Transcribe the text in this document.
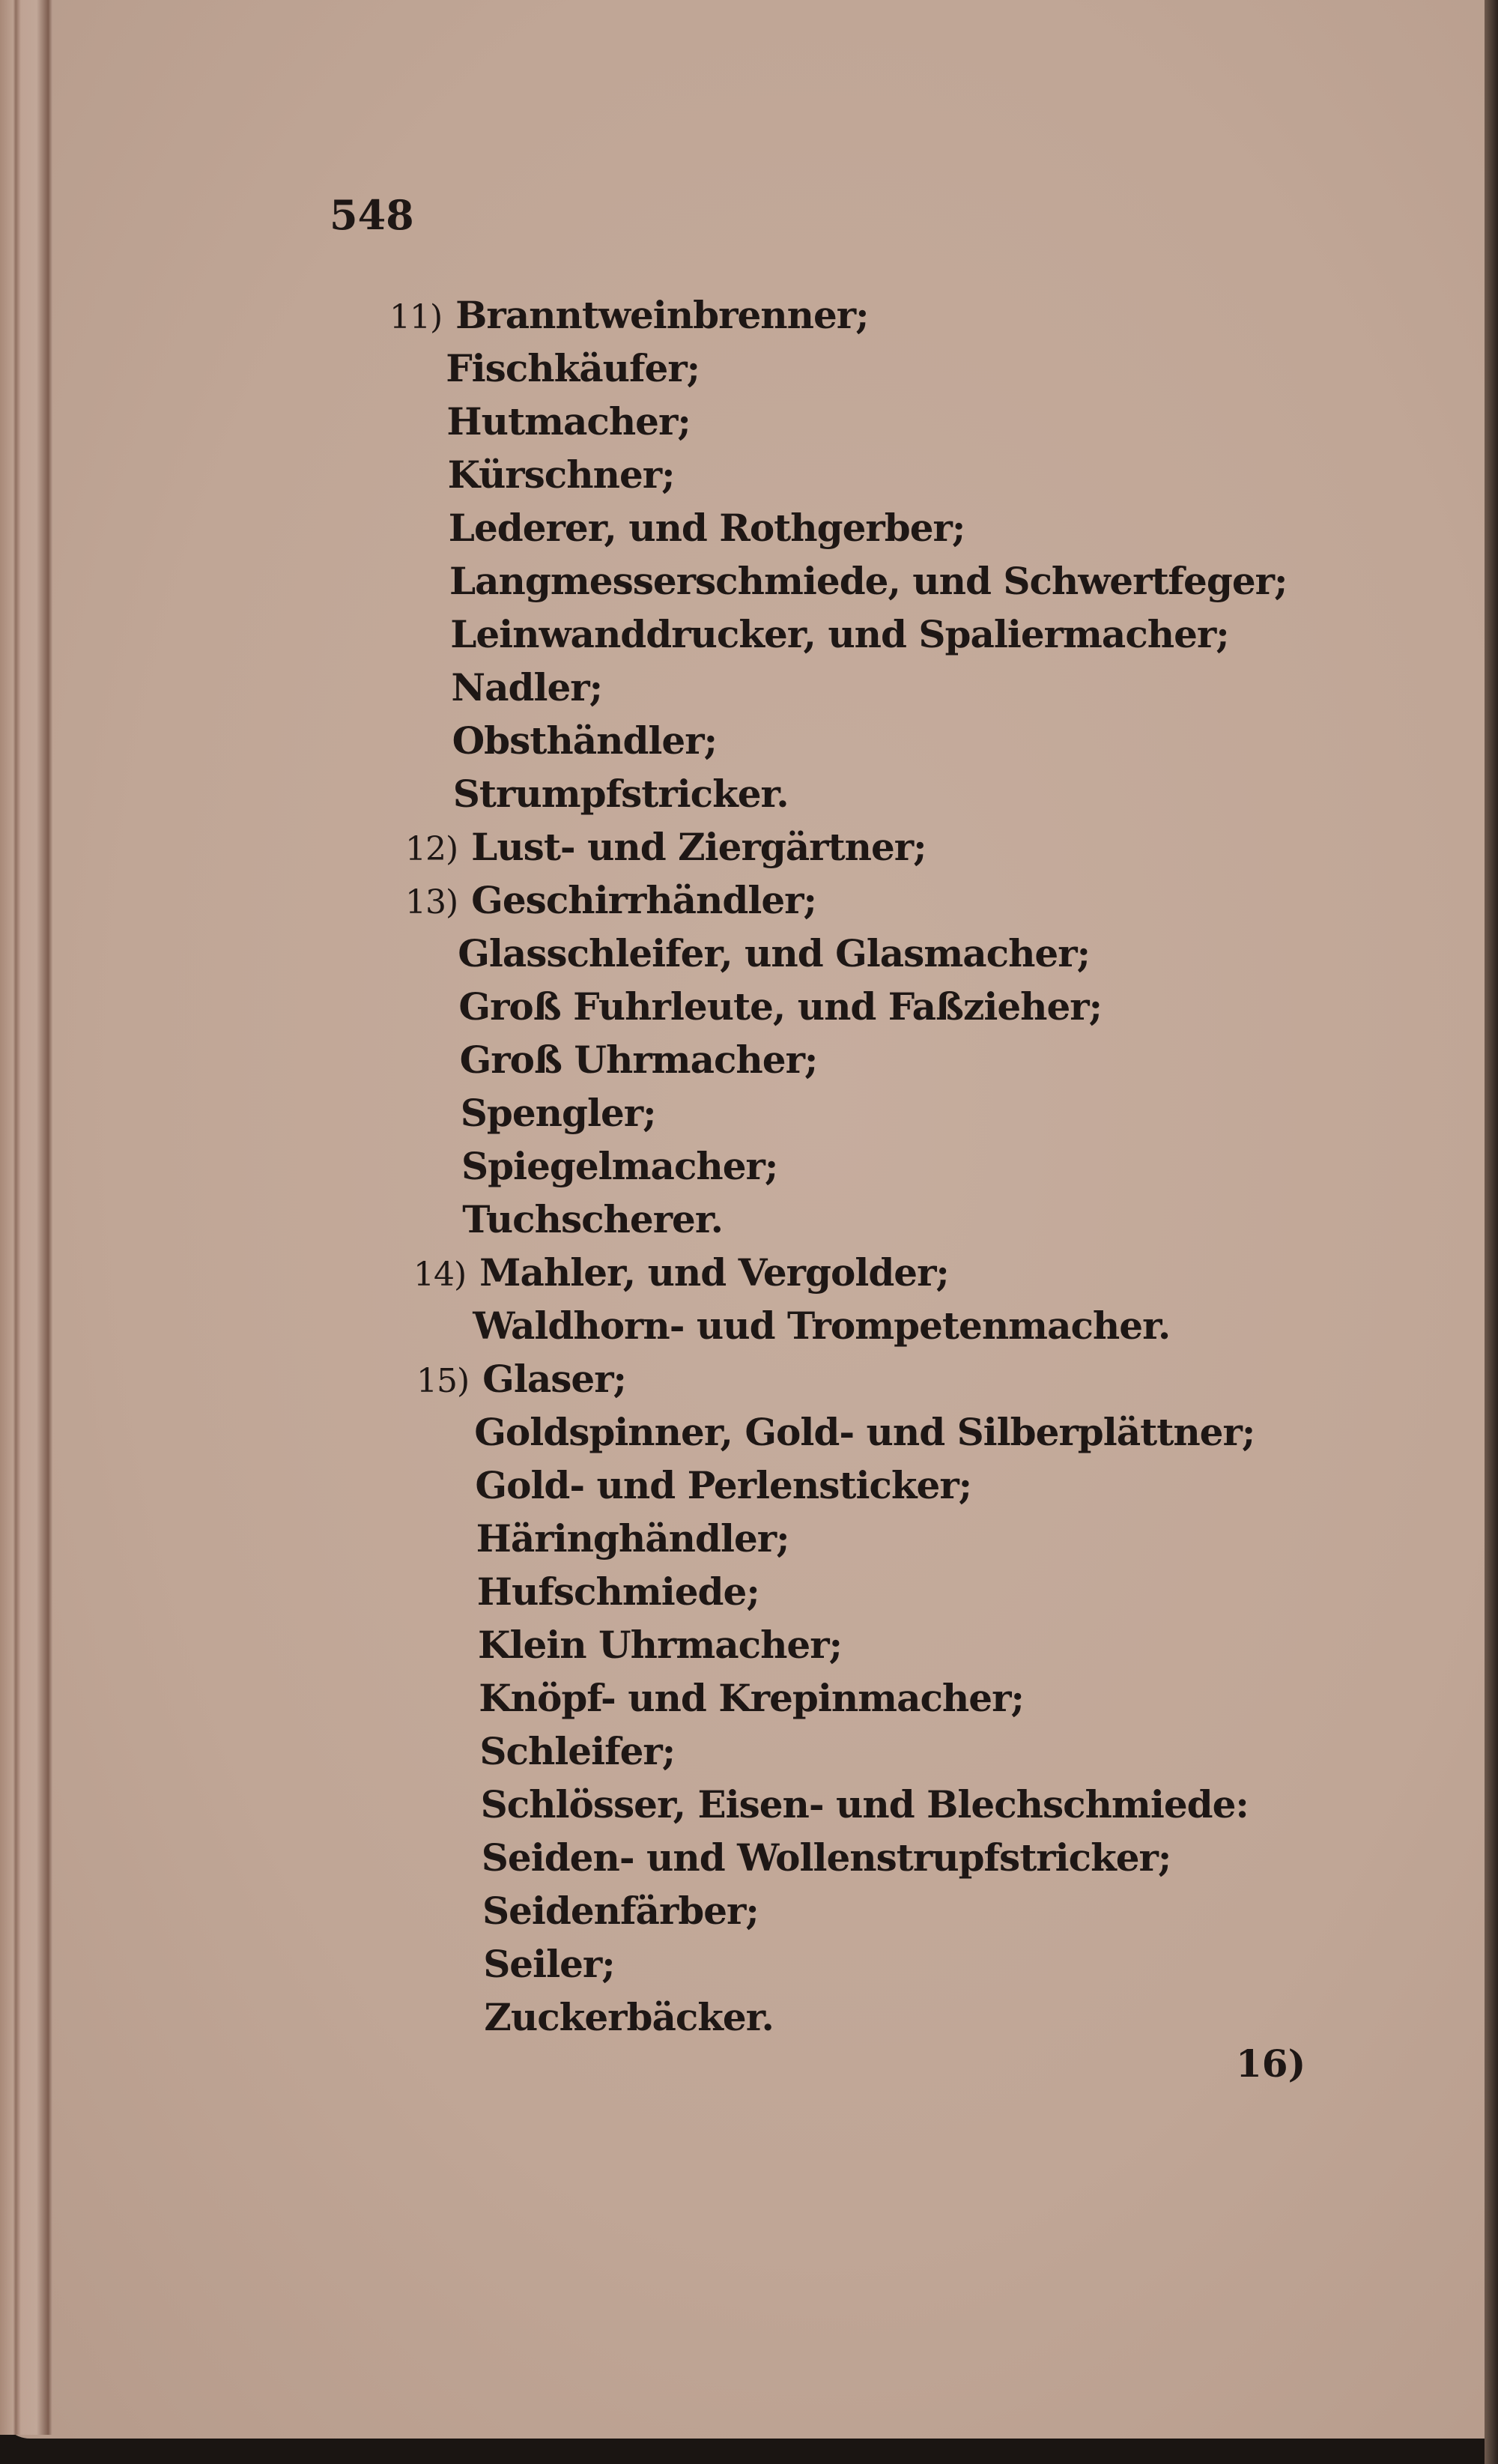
548
11) Branntweinbrenner;
Fischkäufer;
Hutmacher;
Kürschner;
Lederer, und Rothgerber;
Langmesserschmiede, und Schwertfeger;
Leinwanddrucker, und Spaliermacher;
Nadler;
Obsthändler;
Strumpfstricker.
12) Lust- und Ziergärtner;
13) Geschirrhändler;
Glasschleifer, und Glasmacher;
Groß Fuhrleute, und Faßzieher;
Groß Uhrmacher;
Spengler;
Spiegelmacher;
Tuchscherer.
14) Mahler, und Vergolder;
Waldhorn- uud Trompetenmacher.
15) Glaser;
Goldspinner, Gold- und Silberplättner;
Gold- und Perlensticker;
Häringhändler;
Hufschmiede;
Klein Uhrmacher;
Knöpf- und Krepinmacher;
Schleifer;
Schlösser, Eisen- und Blechschmiede:
Seiden- und Wollenstrupfstricker;
Seidenfärber;
Seiler;
Zuckerbäcker.
16)
